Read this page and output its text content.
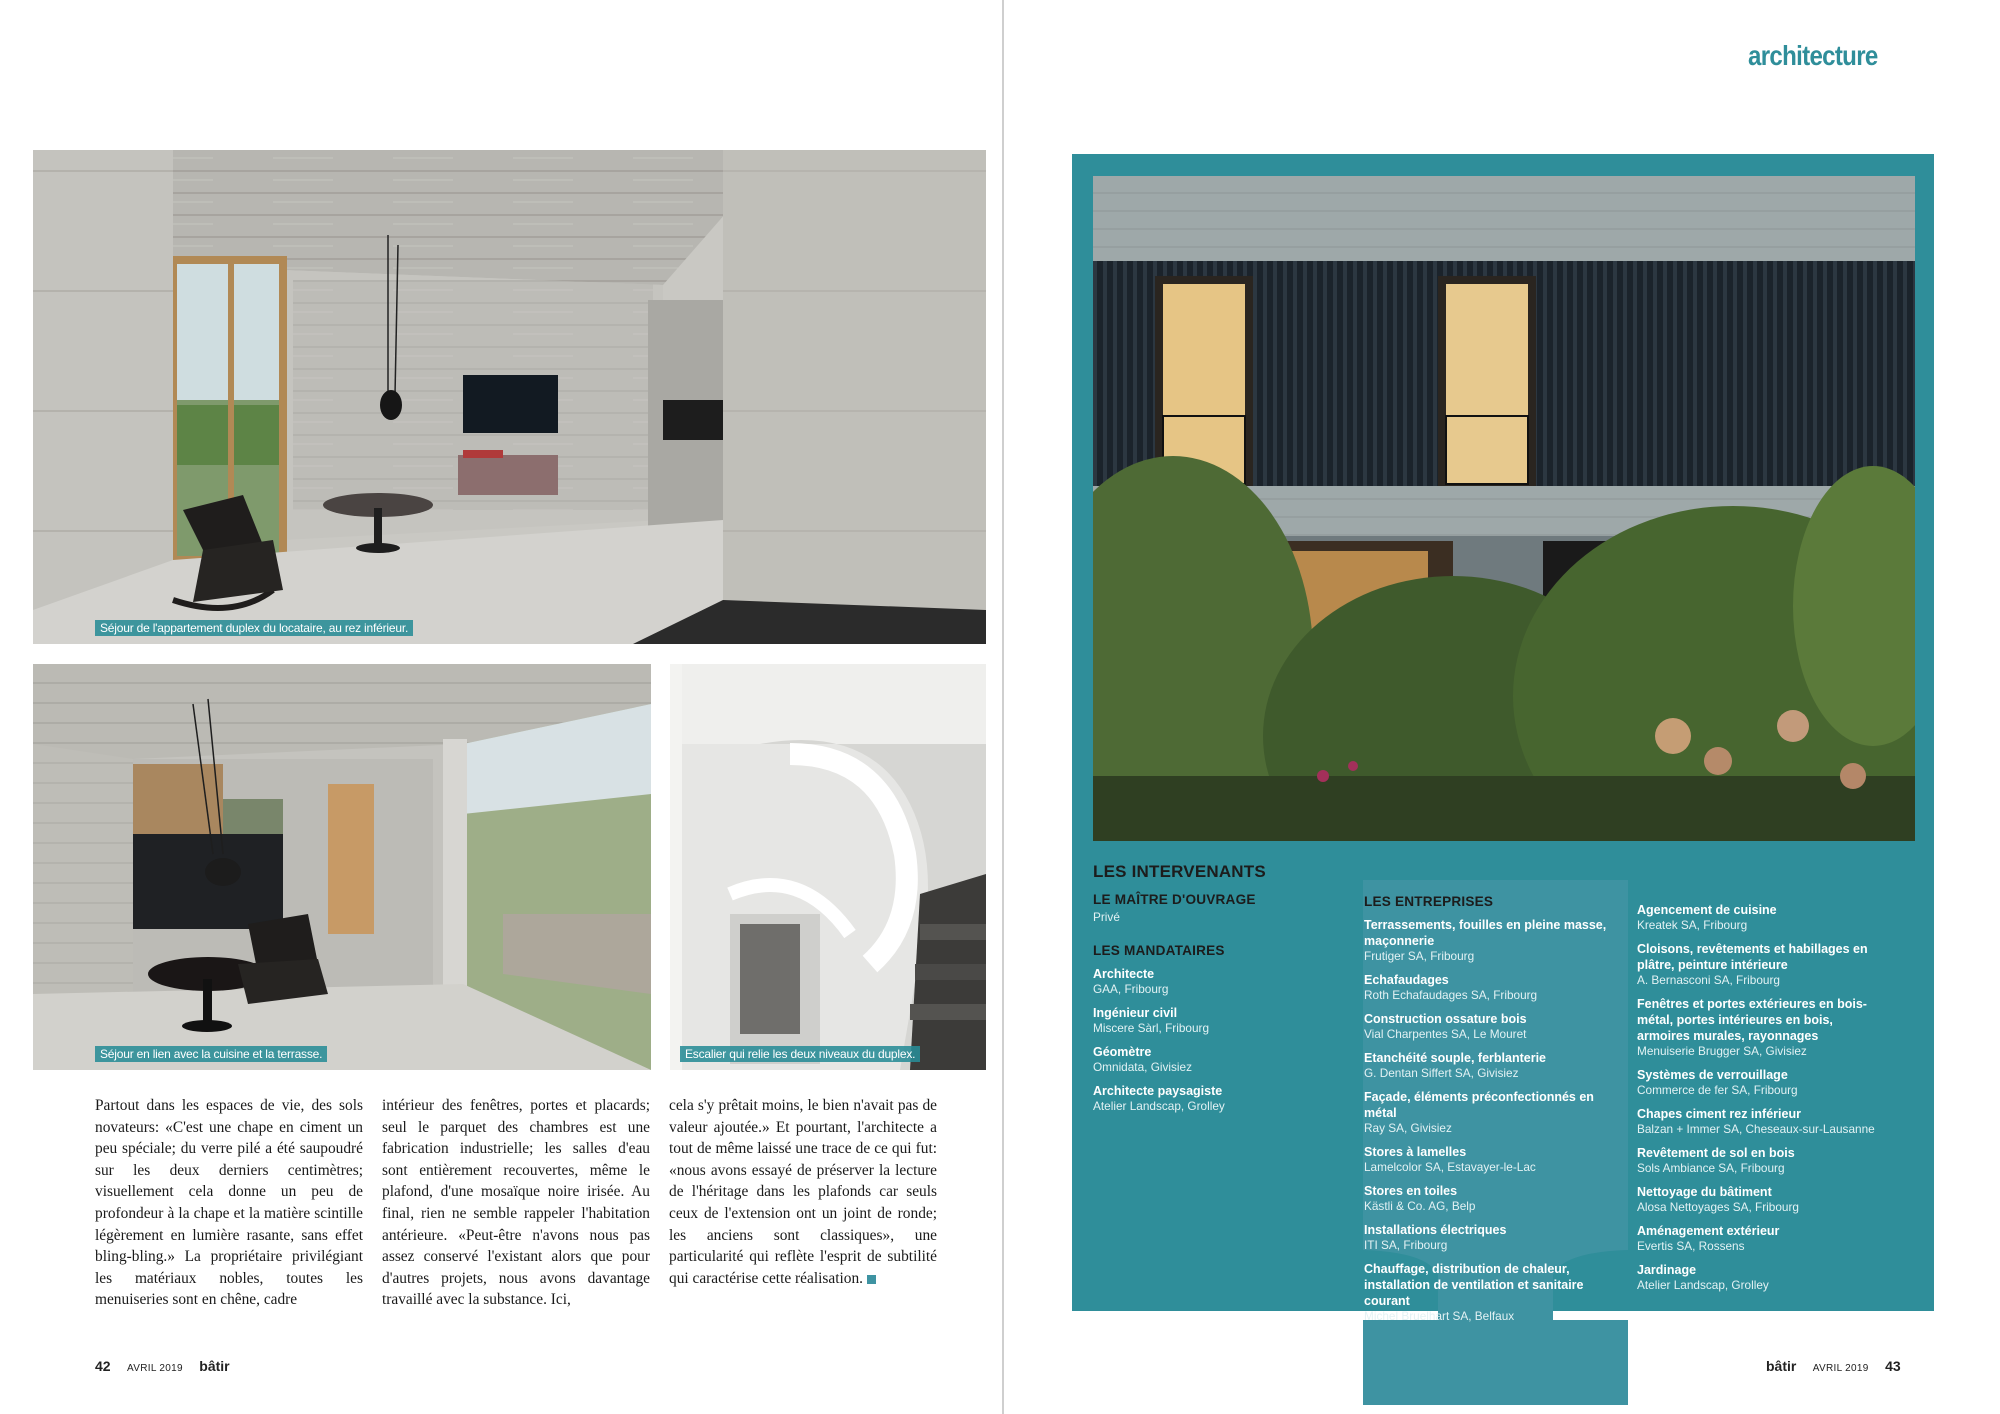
Séjour de l'appartement duplex du locataire, au rez inférieur.
Séjour en lien avec la cuisine et la terrasse.	Escalier qui relie les deux niveaux du duplex.
Partout dans les espaces de vie, des sols novateurs: «C'est une chape en ciment un peu spéciale; du verre pilé a été saupoudré sur les deux derniers centimètres; visuellement cela donne un peu de profondeur à la chape et la matière scintille légèrement en lumière rasante, sans effet bling-bling.» La propriétaire privilégiant les matériaux nobles, toutes les menuiseries sont en chêne, cadre
intérieur des fenêtres, portes et placards; seul le parquet des chambres est une fabrication industrielle; les salles d'eau sont entièrement recouvertes, même le plafond, d'une mosaïque noire irisée. Au final, rien ne semble rappeler l'habitation antérieure. «Peut-être n'avons nous pas assez conservé l'existant alors que pour d'autres projets, nous avons davantage travaillé avec la substance. Ici,
cela s'y prêtait moins, le bien n'avait pas de valeur ajoutée.» Et pourtant, l'architecte a tout de même laissé une trace de ce qui fut: «nous avons essayé de préserver la lecture de l'héritage dans les plafonds car seuls ceux de l'extension ont un joint de ronde; les anciens sont classiques», une particularité qui reflète l'esprit de subtilité qui caractérise cette réalisation.
42 AVRIL 2019 bâtir
architecture
LES INTERVENANTS
LE MAÎTRE D'OUVRAGE
Privé
LES MANDATAIRES
Architecte
GAA, Fribourg
Ingénieur civil
Miscere Sàrl, Fribourg
Géomètre
Omnidata, Givisiez
Architecte paysagiste
Atelier Landscap, Grolley
LES ENTREPRISES
Terrassements, fouilles en pleine masse, maçonnerie
Frutiger SA, Fribourg
Echafaudages
Roth Echafaudages SA, Fribourg
Construction ossature bois
Vial Charpentes SA, Le Mouret
Etanchéité souple, ferblanterie
G. Dentan Siffert SA, Givisiez
Façade, éléments préconfectionnés en métal
Ray SA, Givisiez
Stores à lamelles
Lamelcolor SA, Estavayer-le-Lac
Stores en toiles
Kästli & Co. AG, Belp
Installations électriques
ITI SA, Fribourg
Chauffage, distribution de chaleur, installation de ventilation et sanitaire courant
Michel Bruelhart SA, Belfaux
Agencement de cuisine
Kreatek SA, Fribourg
Cloisons, revêtements et habillages en plâtre, peinture intérieure
A. Bernasconi SA, Fribourg
Fenêtres et portes extérieures en bois-métal, portes intérieures en bois, armoires murales, rayonnages
Menuiserie Brugger SA, Givisiez
Systèmes de verrouillage
Commerce de fer SA, Fribourg
Chapes ciment rez inférieur
Balzan + Immer SA, Cheseaux-sur-Lausanne
Revêtement de sol en bois
Sols Ambiance SA, Fribourg
Nettoyage du bâtiment
Alosa Nettoyages SA, Fribourg
Aménagement extérieur
Evertis SA, Rossens
Jardinage
Atelier Landscap, Grolley
bâtir AVRIL 2019 43
